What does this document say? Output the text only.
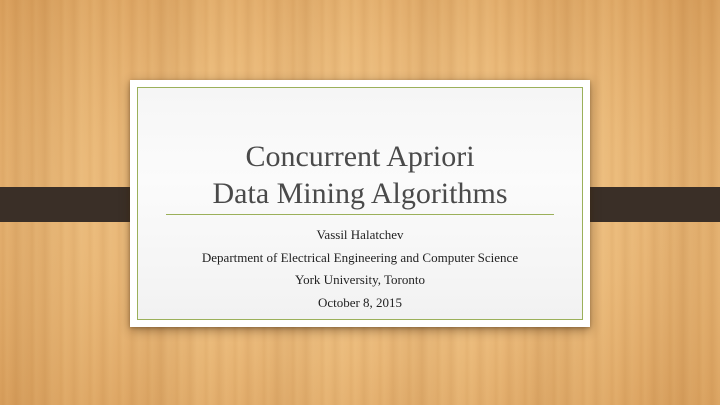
Concurrent Apriori
Data Mining Algorithms
Vassil Halatchev
Department of Electrical Engineering and Computer Science
York University, Toronto
October 8, 2015
